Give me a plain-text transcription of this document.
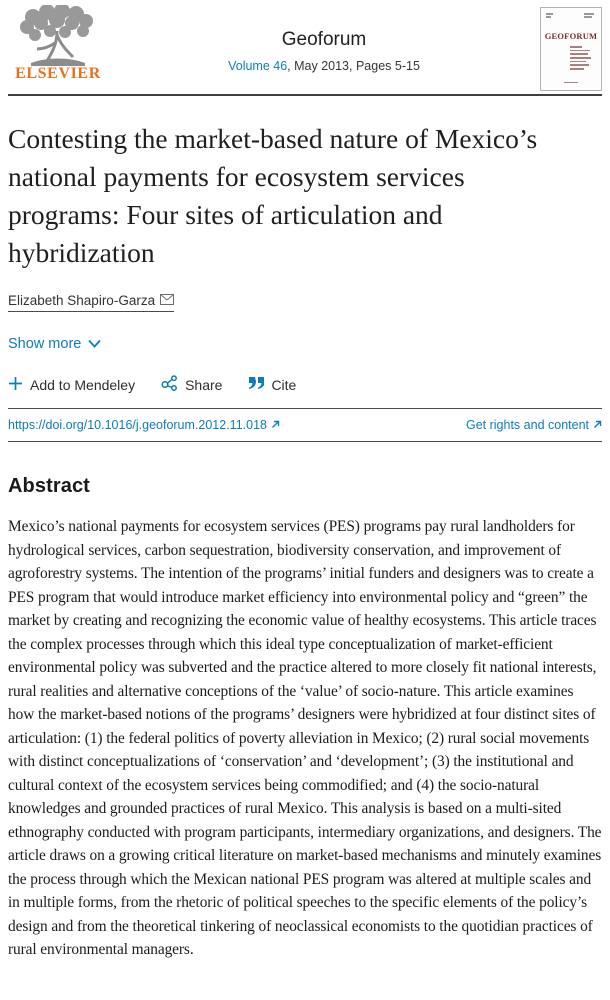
ELSEVIER
Geoforum
Volume 46, May 2013, Pages 5-15
GEOFORUM
Contesting the market-based nature of Mexico’s national payments for ecosystem services programs: Four sites of articulation and hybridization
Elizabeth Shapiro-Garza
Show more
Add to Mendeley	Share	Cite
https://doi.org/10.1016/j.geoforum.2012.11.018	Get rights and content
Abstract

Mexico’s national payments for ecosystem services (PES) programs pay rural landholders for hydrological services, carbon sequestration, biodiversity conservation, and improvement of agroforestry systems. The intention of the programs’ initial funders and designers was to create a PES program that would introduce market efficiency into environmental policy and “green” the market by creating and recognizing the economic value of healthy ecosystems. This article traces the complex processes through which this ideal type conceptualization of market-efficient environmental policy was subverted and the practice altered to more closely fit national interests, rural realities and alternative conceptions of the ‘value’ of socio-nature. This article examines how the market-based notions of the programs’ designers were hybridized at four distinct sites of articulation: (1) the federal politics of poverty alleviation in Mexico; (2) rural social movements with distinct conceptualizations of ‘conservation’ and ‘development’; (3) the institutional and cultural context of the ecosystem services being commodified; and (4) the socio-natural knowledges and grounded practices of rural Mexico. This analysis is based on a multi-sited ethnography conducted with program participants, intermediary organizations, and designers. The article draws on a growing critical literature on market-based mechanisms and minutely examines the process through which the Mexican national PES program was altered at multiple scales and in multiple forms, from the rhetoric of political speeches to the specific elements of the policy’s design and from the theoretical tinkering of neoclassical economists to the quotidian practices of rural environmental managers.
